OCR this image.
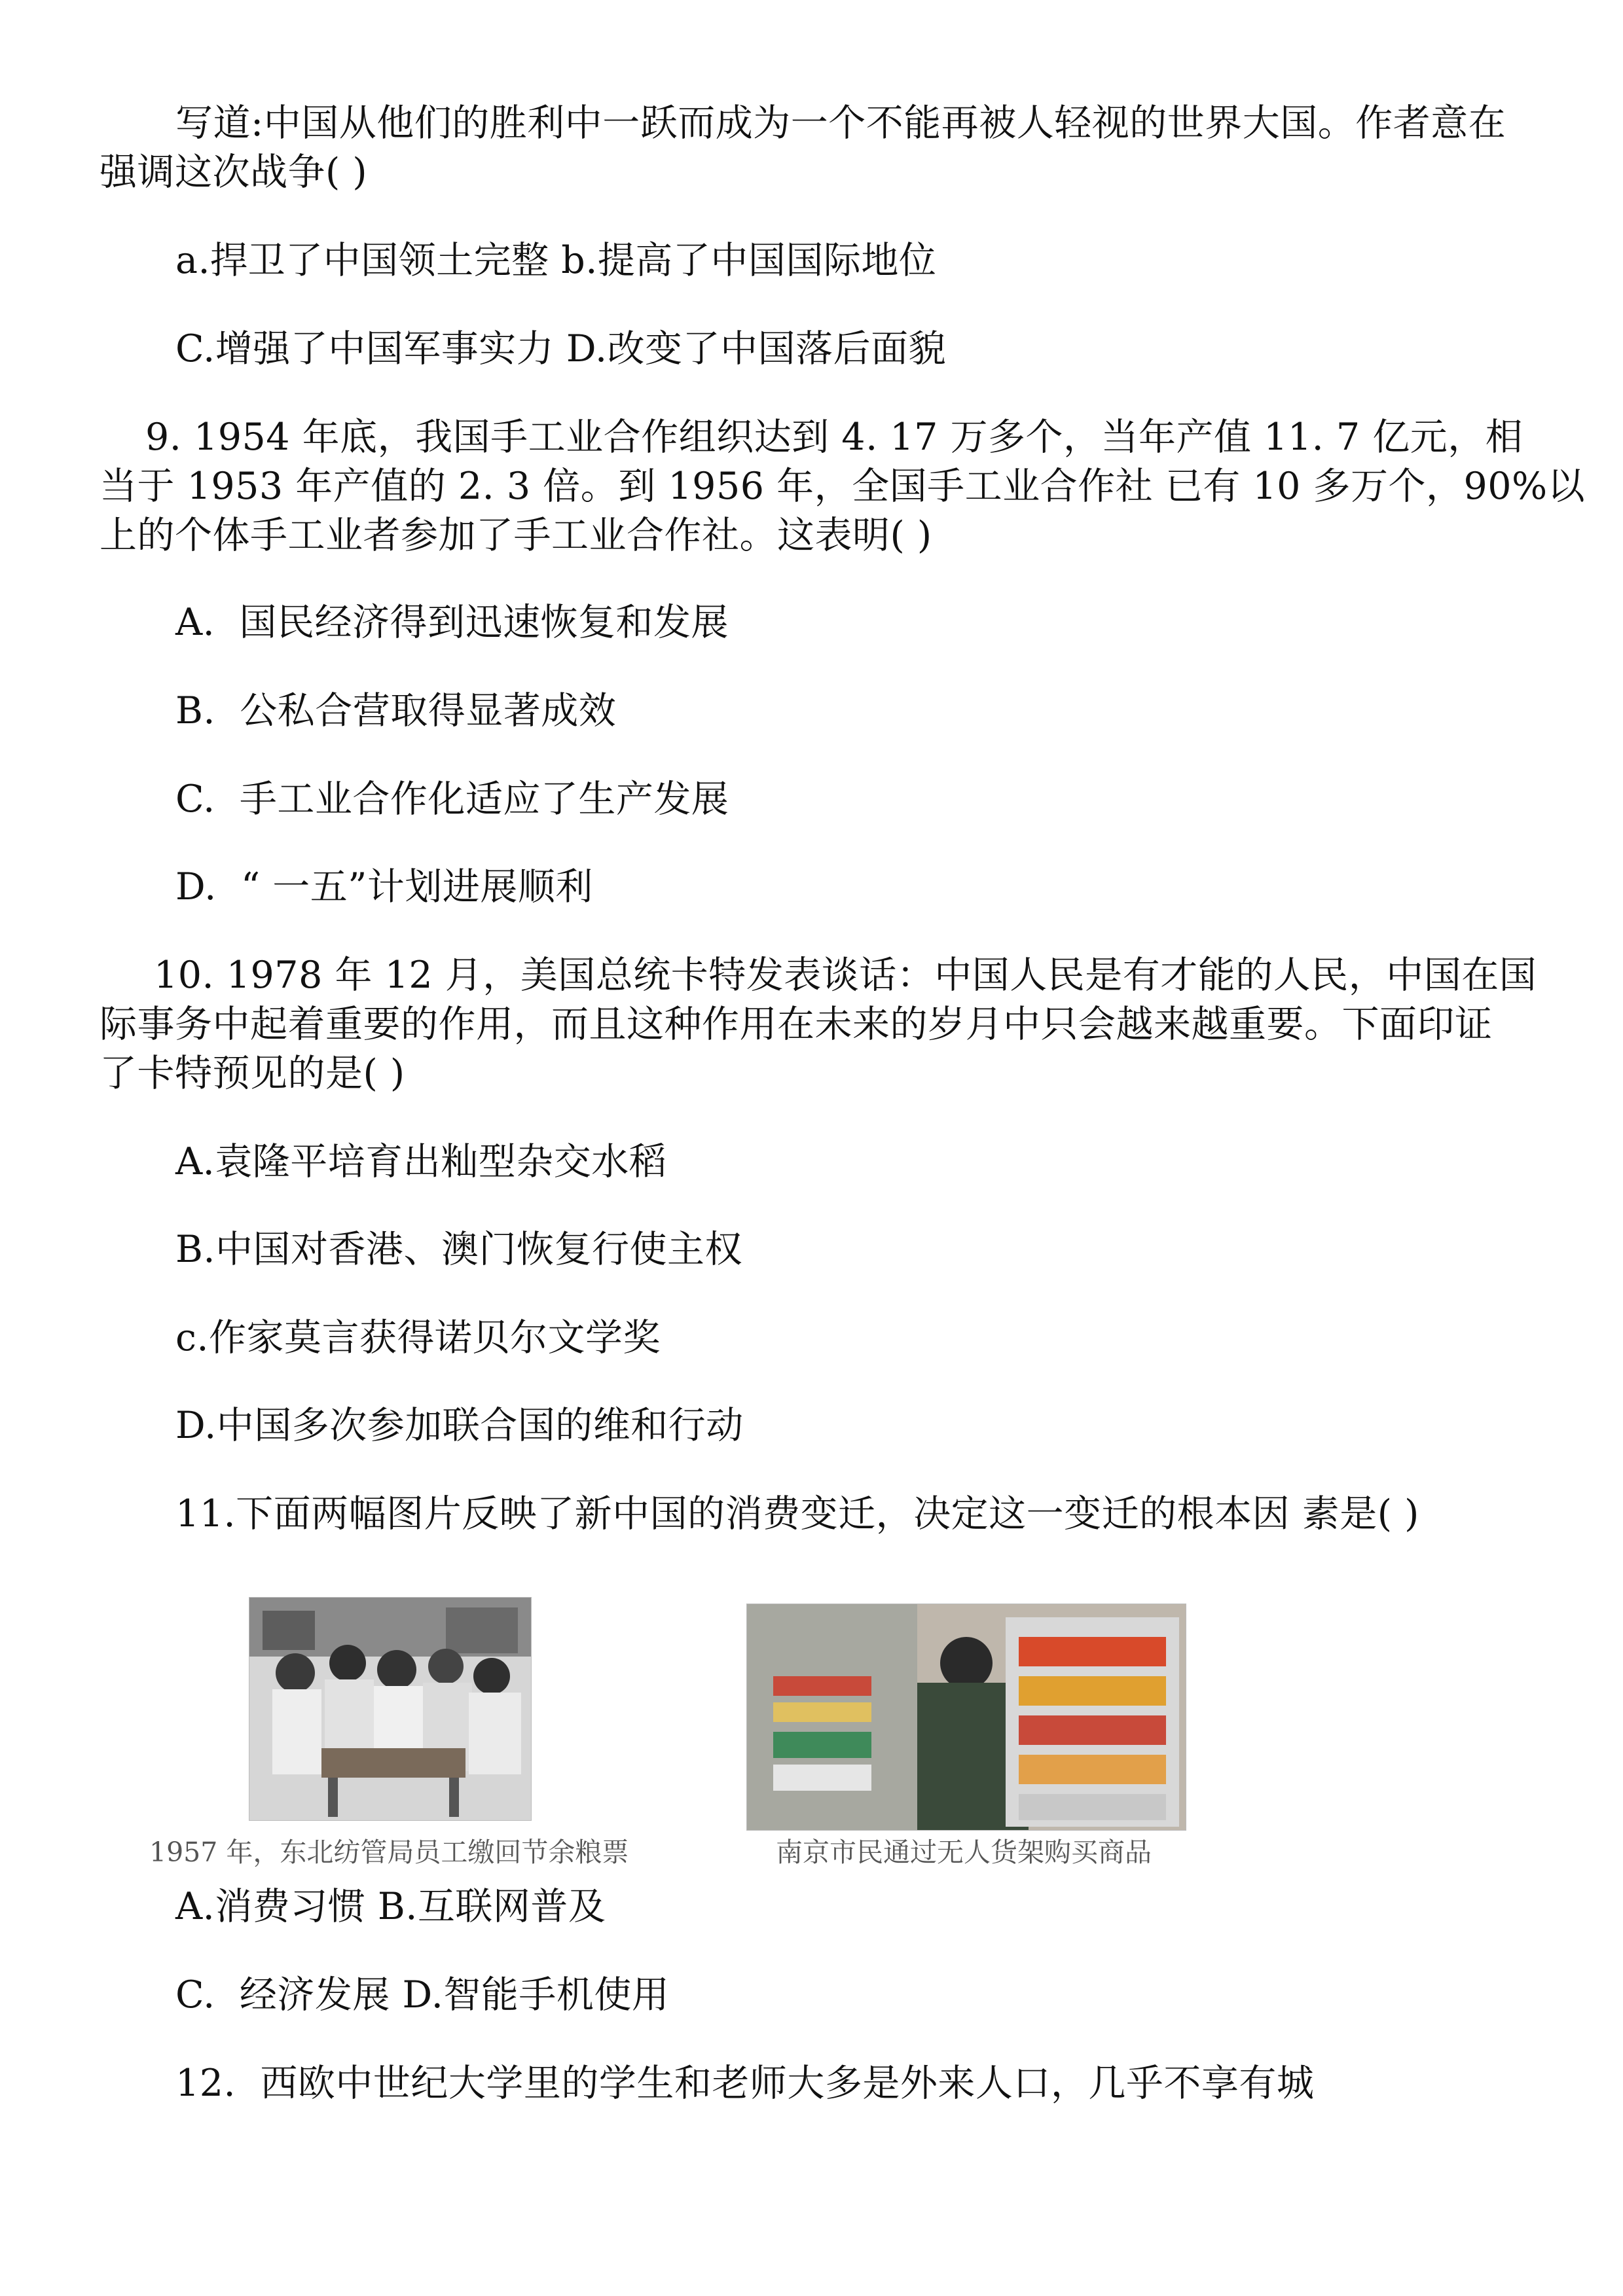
写道:中国从他们的胜利中一跃而成为一个不能再被人轻视的世界大国。作者意在
强调这次战争( )
a.捍卫了中国领土完整 b.提高了中国国际地位
C.增强了中国军事实力 D.改变了中国落后面貌
9. 1954 年底，我国手工业合作组织达到 4. 17 万多个，当年产值 11. 7 亿元，相
当于 1953 年产值的 2. 3 倍。到 1956 年，全国手工业合作社 已有 10 多万个，90%以
上的个体手工业者参加了手工业合作社。这表明( )
A.  国民经济得到迅速恢复和发展
B.  公私合营取得显著成效
C.  手工业合作化适应了生产发展
D.  “ 一五”计划进展顺利
10. 1978 年 12 月，美国总统卡特发表谈话：中国人民是有才能的人民，中国在国
际事务中起着重要的作用，而且这种作用在未来的岁月中只会越来越重要。下面印证
了卡特预见的是( )
A.袁隆平培育出籼型杂交水稻
B.中国对香港、澳门恢复行使主权
c.作家莫言获得诺贝尔文学奖
D.中国多次参加联合国的维和行动
11.下面两幅图片反映了新中国的消费变迁，决定这一变迁的根本因 素是( )
1957 年，东北纺管局员工缴回节余粮票	南京市民通过无人货架购买商品
A.消费习惯 B.互联网普及
C.  经济发展 D.智能手机使用
12.  西欧中世纪大学里的学生和老师大多是外来人口，几乎不享有城
